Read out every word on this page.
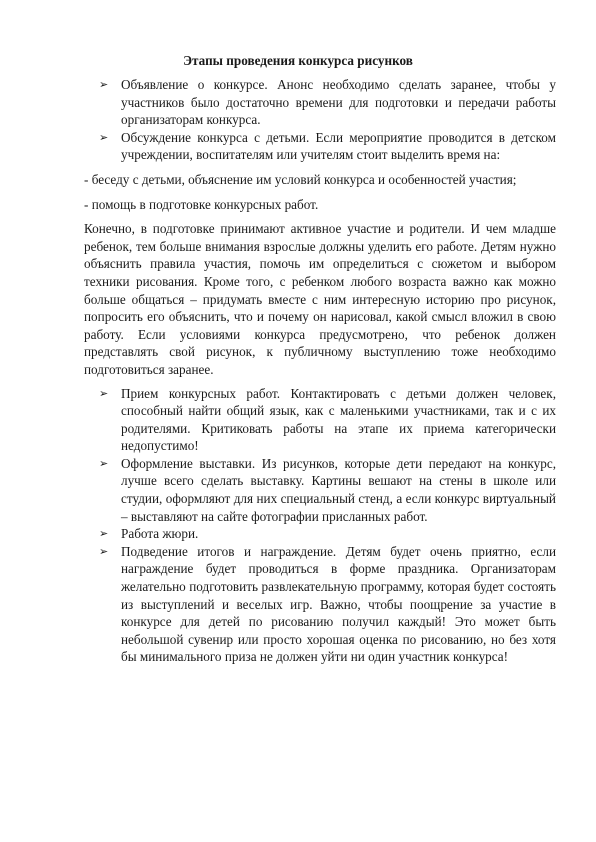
Этапы проведения конкурса рисунков
➢ Объявление о конкурсе. Анонс необходимо сделать заранее, чтобы у участников было достаточно времени для подготовки и передачи работы организаторам конкурса.
➢ Обсуждение конкурса с детьми. Если мероприятие проводится в детском учреждении, воспитателям или учителям стоит выделить время на:

- беседу с детьми, объяснение им условий конкурса и особенностей участия;

- помощь в подготовке конкурсных работ.

Конечно, в подготовке принимают активное участие и родители. И чем младше ребенок, тем больше внимания взрослые должны уделить его работе. Детям нужно объяснить правила участия, помочь им определиться с сюжетом и выбором техники рисования. Кроме того, с ребенком любого возраста важно как можно больше общаться – придумать вместе с ним интересную историю про рисунок, попросить его объяснить, что и почему он нарисовал, какой смысл вложил в свою работу. Если условиями конкурса предусмотрено, что ребенок должен представлять свой рисунок, к публичному выступлению тоже необходимо подготовиться заранее.

➢ Прием конкурсных работ. Контактировать с детьми должен человек, способный найти общий язык, как с маленькими участниками, так и с их родителями. Критиковать работы на этапе их приема категорически недопустимо!
➢ Оформление выставки. Из рисунков, которые дети передают на конкурс, лучше всего сделать выставку. Картины вешают на стены в школе или студии, оформляют для них специальный стенд, а если конкурс виртуальный – выставляют на сайте фотографии присланных работ.
➢ Работа жюри.
➢ Подведение итогов и награждение. Детям будет очень приятно, если награждение будет проводиться в форме праздника. Организаторам желательно подготовить развлекательную программу, которая будет состоять из выступлений и веселых игр. Важно, чтобы поощрение за участие в конкурсе для детей по рисованию получил каждый! Это может быть небольшой сувенир или просто хорошая оценка по рисованию, но без хотя бы минимального приза не должен уйти ни один участник конкурса!
